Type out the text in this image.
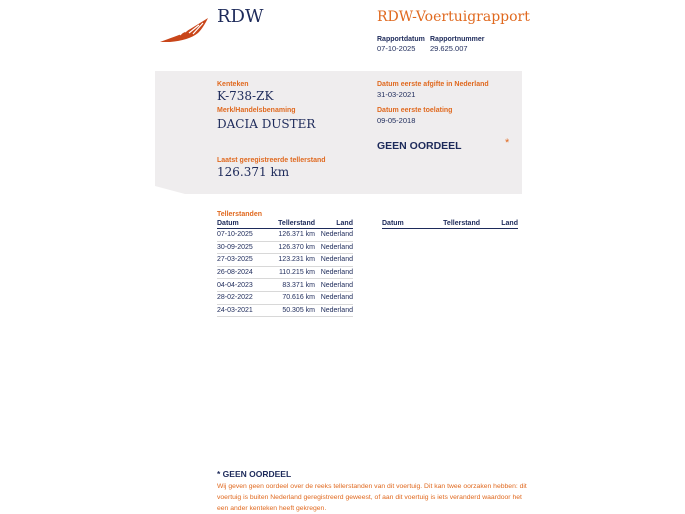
RDW	RDW-Voertuigrapport
Rapportdatum Rapportnummer
07-10-2025 29.625.007
Kenteken
K-738-ZK
Merk/Handelsbenaming
DACIA DUSTER
Datum eerste afgifte in Nederland
31-03-2021
Datum eerste toelating
09-05-2018
GEEN OORDEEL	*
Laatst geregistreerde tellerstand
126.371 km
Tellerstanden
Datum	Tellerstand	Land
07-10-2025	126.371 km	Nederland
30-09-2025	126.370 km	Nederland
27-03-2025	123.231 km	Nederland
26-08-2024	110.215 km	Nederland
04-04-2023	83.371 km	Nederland
28-02-2022	70.616 km	Nederland
24-03-2021	50.305 km	Nederland
Datum	Tellerstand	Land
* GEEN OORDEEL
Wij geven geen oordeel over de reeks tellerstanden van dit voertuig. Dit kan twee oorzaken hebben: dit voertuig is buiten Nederland geregistreerd geweest, of aan dit voertuig is iets veranderd waardoor het een ander kenteken heeft gekregen.
